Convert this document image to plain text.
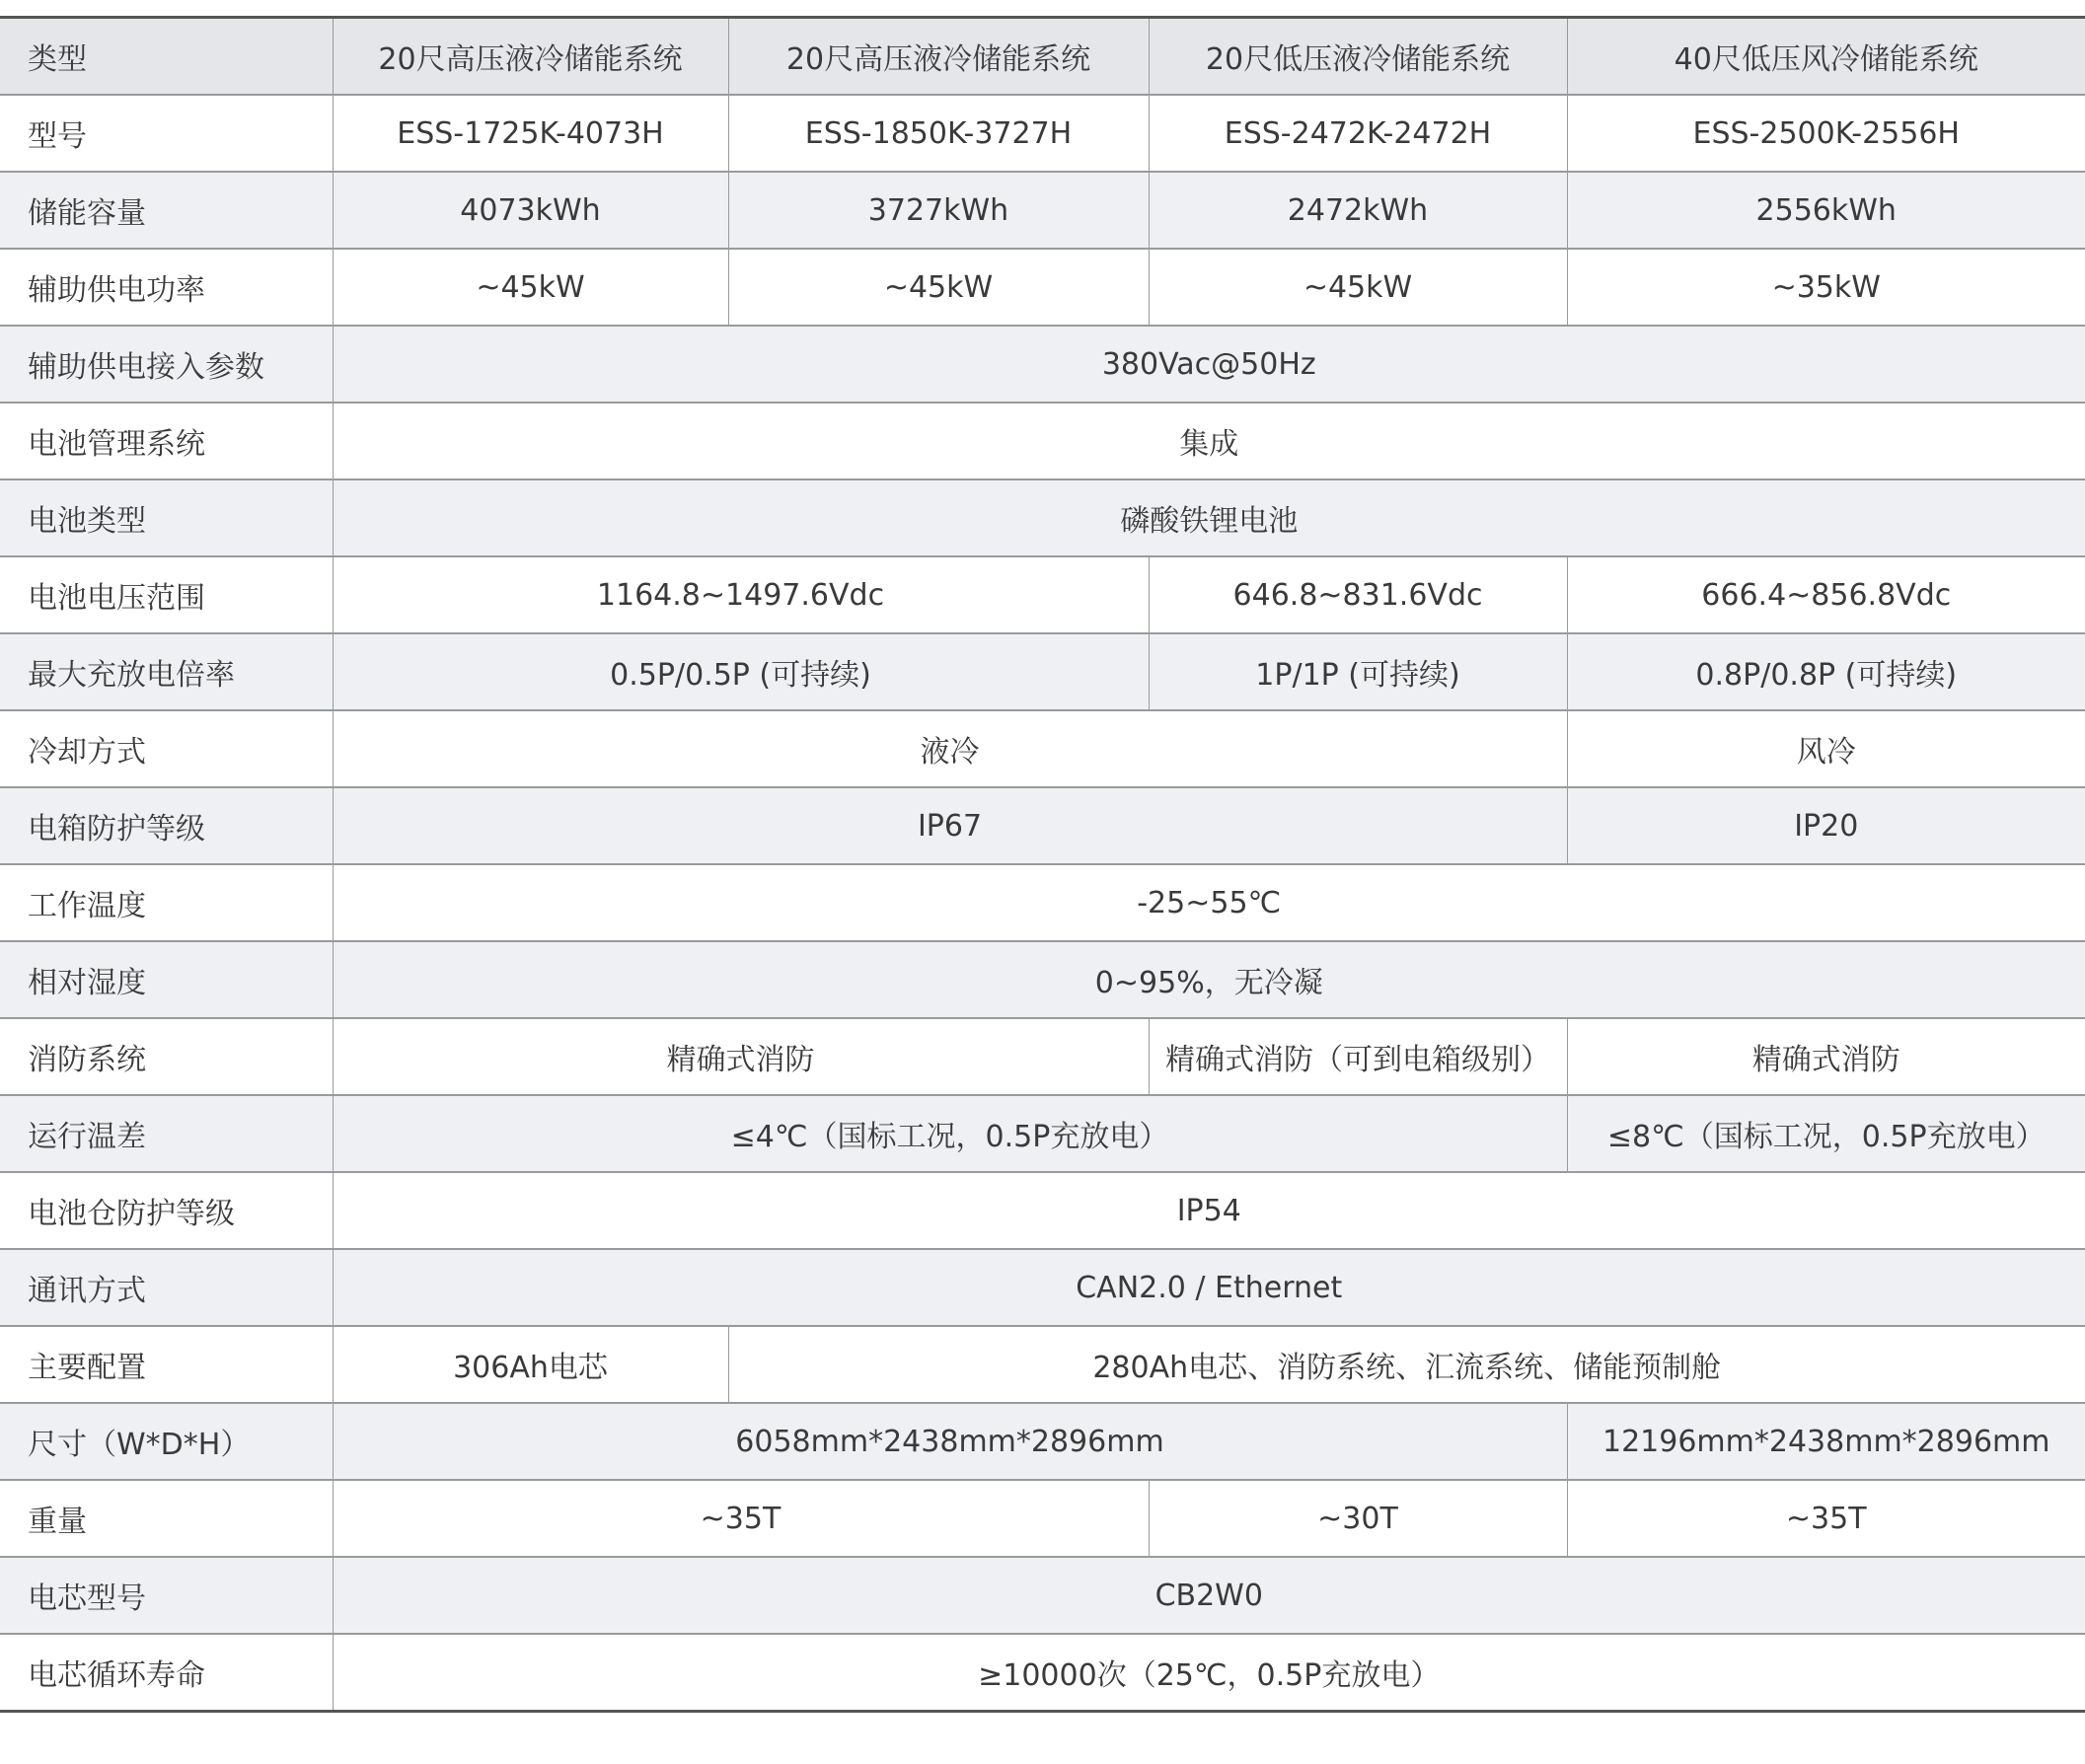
类型	20尺高压液冷储能系统	20尺高压液冷储能系统	20尺低压液冷储能系统	40尺低压风冷储能系统
型号	ESS-1725K-4073H	ESS-1850K-3727H	ESS-2472K-2472H	ESS-2500K-2556H
储能容量	4073kWh	3727kWh	2472kWh	2556kWh
辅助供电功率	~45kW	~45kW	~45kW	~35kW
辅助供电接入参数	380Vac@50Hz			
电池管理系统	集成			
电池类型	磷酸铁锂电池			
电池电压范围	1164.8~1497.6Vdc		646.8~831.6Vdc	666.4~856.8Vdc
最大充放电倍率	0.5P/0.5P (可持续)		1P/1P (可持续)	0.8P/0.8P (可持续)
冷却方式	液冷			风冷
电箱防护等级	IP67			IP20
工作温度	-25~55℃			
相对湿度	0~95%，无冷凝			
消防系统	精确式消防		精确式消防（可到电箱级别）	精确式消防
运行温差	≤4℃（国标工况，0.5P充放电）			≤8℃（国标工况，0.5P充放电）
电池仓防护等级	IP54			
通讯方式	CAN2.0 / Ethernet			
主要配置	306Ah电芯	280Ah电芯、消防系统、汇流系统、储能预制舱		
尺寸（W*D*H）	6058mm*2438mm*2896mm			12196mm*2438mm*2896mm
重量	~35T		~30T	~35T
电芯型号	CB2W0			
电芯循环寿命	≥10000次（25℃，0.5P充放电）			
